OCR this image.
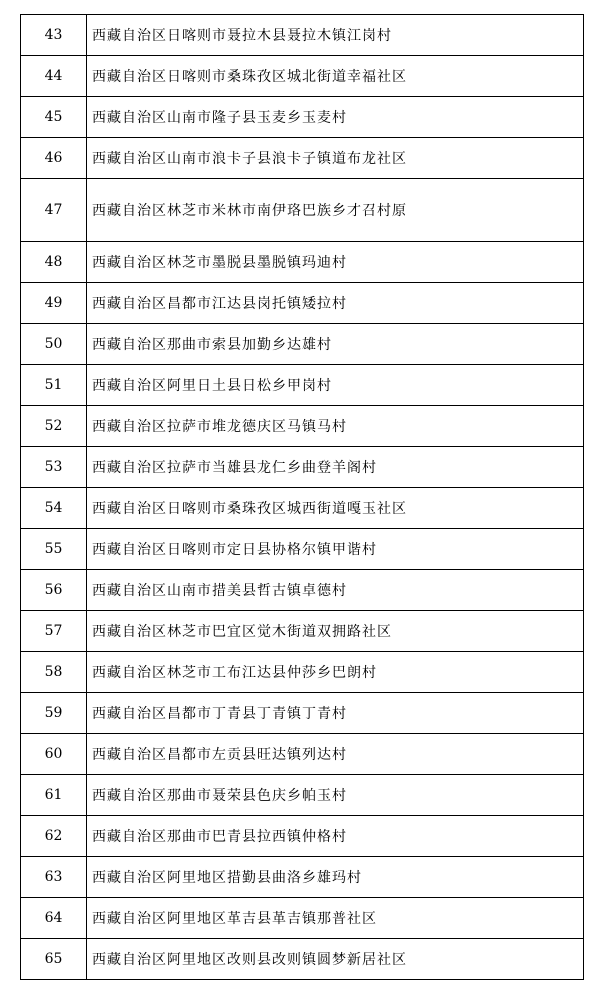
43	西藏自治区日喀则市聂拉木县聂拉木镇江岗村
44	西藏自治区日喀则市桑珠孜区城北街道幸福社区
45	西藏自治区山南市隆子县玉麦乡玉麦村
46	西藏自治区山南市浪卡子县浪卡子镇道布龙社区
47	西藏自治区林芝市米林市南伊珞巴族乡才召村原
48	西藏自治区林芝市墨脱县墨脱镇玛迪村
49	西藏自治区昌都市江达县岗托镇矮拉村
50	西藏自治区那曲市索县加勤乡达雄村
51	西藏自治区阿里日土县日松乡甲岗村
52	西藏自治区拉萨市堆龙德庆区马镇马村
53	西藏自治区拉萨市当雄县龙仁乡曲登羊阁村
54	西藏自治区日喀则市桑珠孜区城西街道嘎玉社区
55	西藏自治区日喀则市定日县协格尔镇甲谐村
56	西藏自治区山南市措美县哲古镇卓德村
57	西藏自治区林芝市巴宜区觉木街道双拥路社区
58	西藏自治区林芝市工布江达县仲莎乡巴朗村
59	西藏自治区昌都市丁青县丁青镇丁青村
60	西藏自治区昌都市左贡县旺达镇列达村
61	西藏自治区那曲市聂荣县色庆乡帕玉村
62	西藏自治区那曲市巴青县拉西镇仲格村
63	西藏自治区阿里地区措勤县曲洛乡雄玛村
64	西藏自治区阿里地区革吉县革吉镇那普社区
65	西藏自治区阿里地区改则县改则镇圆梦新居社区
